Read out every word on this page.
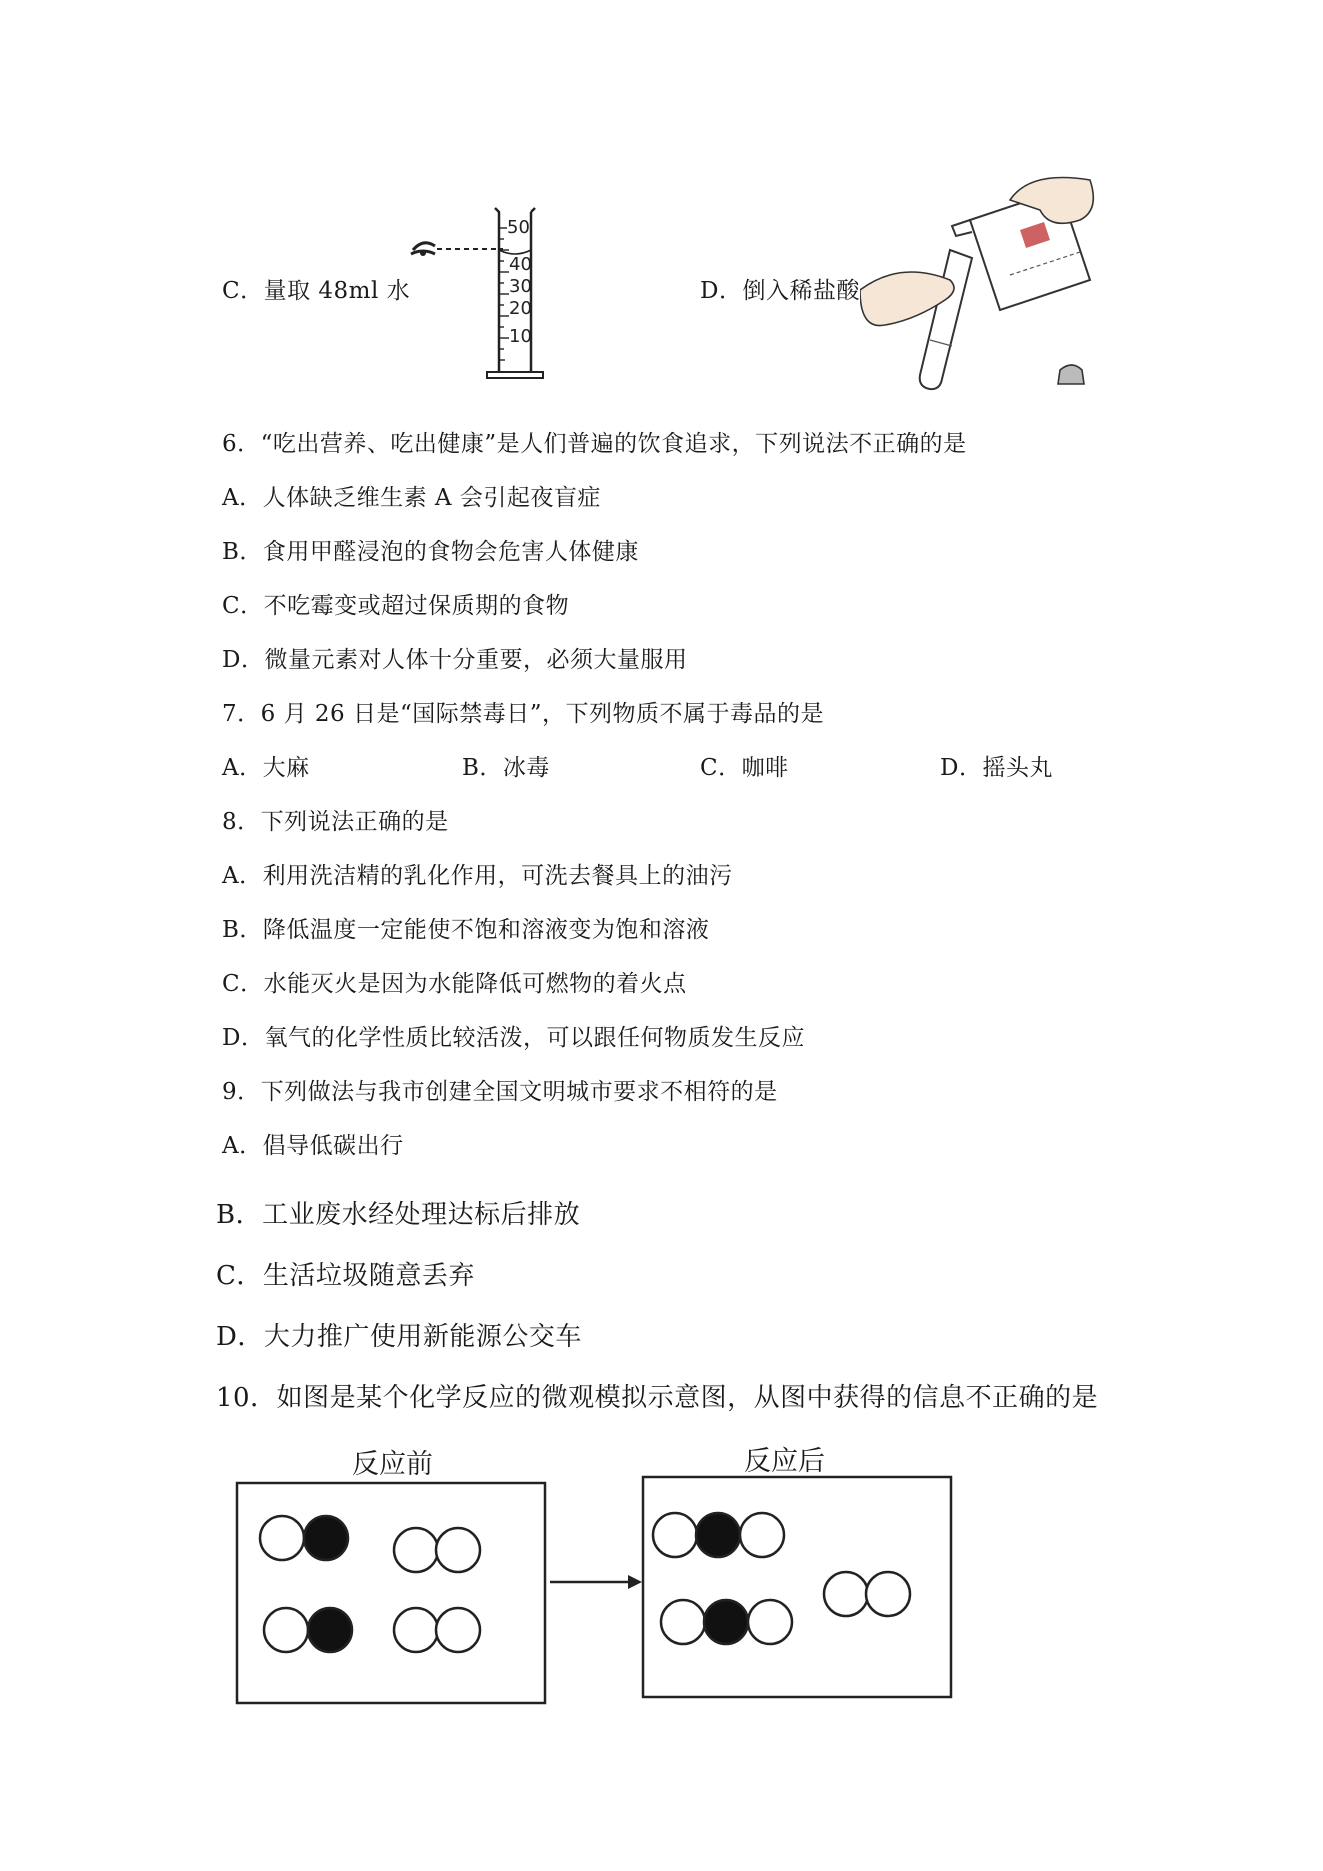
C．量取 48ml 水
50
40
30
20
10
D．倒入稀盐酸
6．“吃出营养、吃出健康”是人们普遍的饮食追求，下列说法不正确的是
A．人体缺乏维生素 A 会引起夜盲症
B．食用甲醛浸泡的食物会危害人体健康
C．不吃霉变或超过保质期的食物
D．微量元素对人体十分重要，必须大量服用
7．6 月 26 日是“国际禁毒日”，下列物质不属于毒品的是
A．大麻	B．冰毒	C．咖啡	D．摇头丸
8．下列说法正确的是
A．利用洗洁精的乳化作用，可洗去餐具上的油污
B．降低温度一定能使不饱和溶液变为饱和溶液
C．水能灭火是因为水能降低可燃物的着火点
D．氧气的化学性质比较活泼，可以跟任何物质发生反应
9．下列做法与我市创建全国文明城市要求不相符的是
A．倡导低碳出行
B．工业废水经处理达标后排放
C．生活垃圾随意丢弃
D．大力推广使用新能源公交车
10．如图是某个化学反应的微观模拟示意图，从图中获得的信息不正确的是
反应前	反应后
